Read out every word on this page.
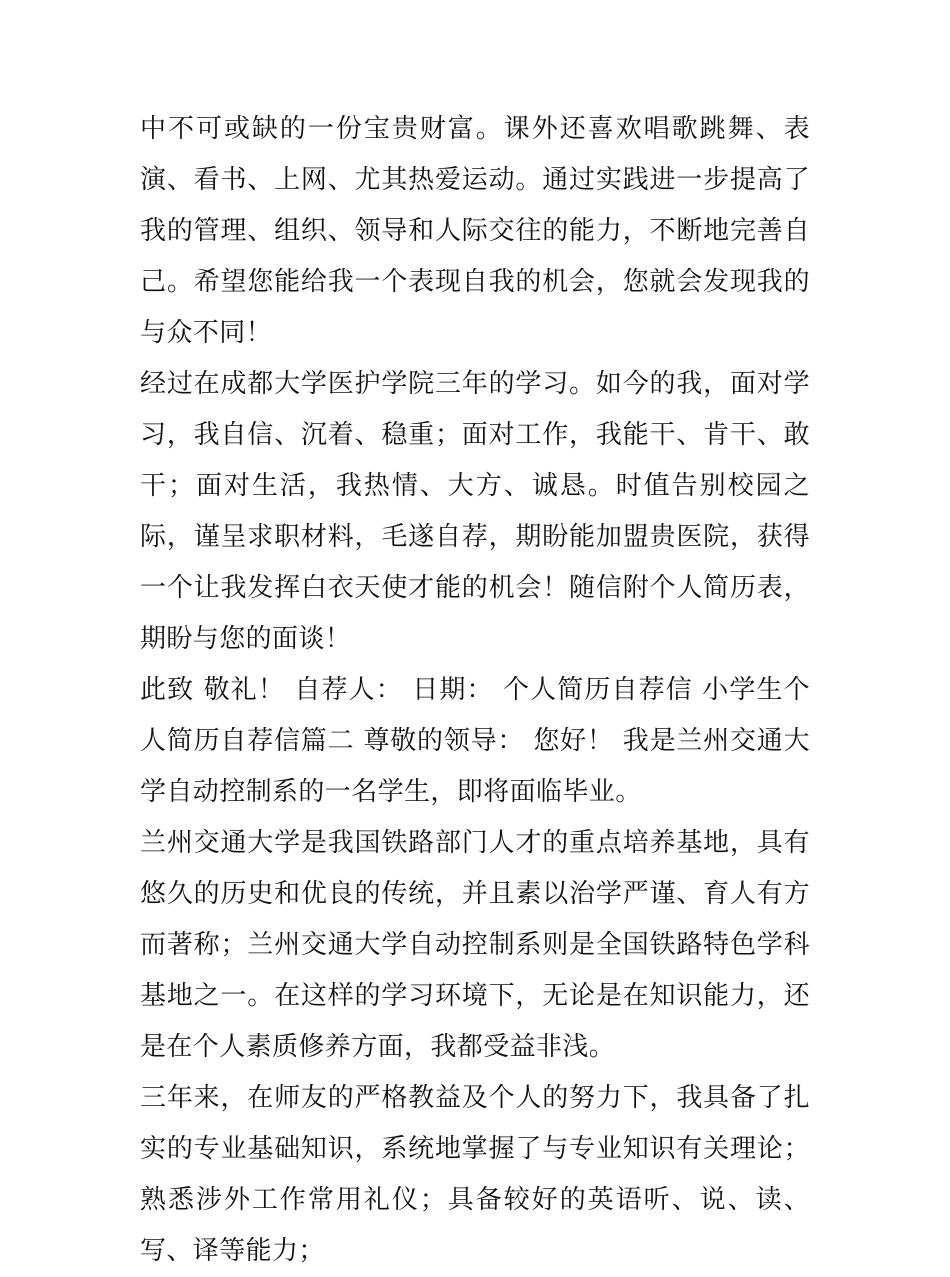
中不可或缺的一份宝贵财富。课外还喜欢唱歌跳舞、表演、看书、上网、尤其热爱运动。通过实践进一步提高了我的管理、组织、领导和人际交往的能力，不断地完善自己。希望您能给我一个表现自我的机会，您就会发现我的与众不同！

经过在成都大学医护学院三年的学习。如今的我，面对学习，我自信、沉着、稳重；面对工作，我能干、肯干、敢干；面对生活，我热情、大方、诚恳。时值告别校园之际，谨呈求职材料，毛遂自荐，期盼能加盟贵医院，获得一个让我发挥白衣天使才能的机会！随信附个人简历表，期盼与您的面谈！

此致 敬礼！ 自荐人： 日期： 个人简历自荐信 小学生个人简历自荐信篇二 尊敬的领导： 您好！ 我是兰州交通大学自动控制系的一名学生，即将面临毕业。

兰州交通大学是我国铁路部门人才的重点培养基地，具有悠久的历史和优良的传统，并且素以治学严谨、育人有方而著称；兰州交通大学自动控制系则是全国铁路特色学科基地之一。在这样的学习环境下，无论是在知识能力，还是在个人素质修养方面，我都受益非浅。

三年来，在师友的严格教益及个人的努力下，我具备了扎实的专业基础知识，系统地掌握了与专业知识有关理论；熟悉涉外工作常用礼仪；具备较好的英语听、说、读、写、译等能力；
